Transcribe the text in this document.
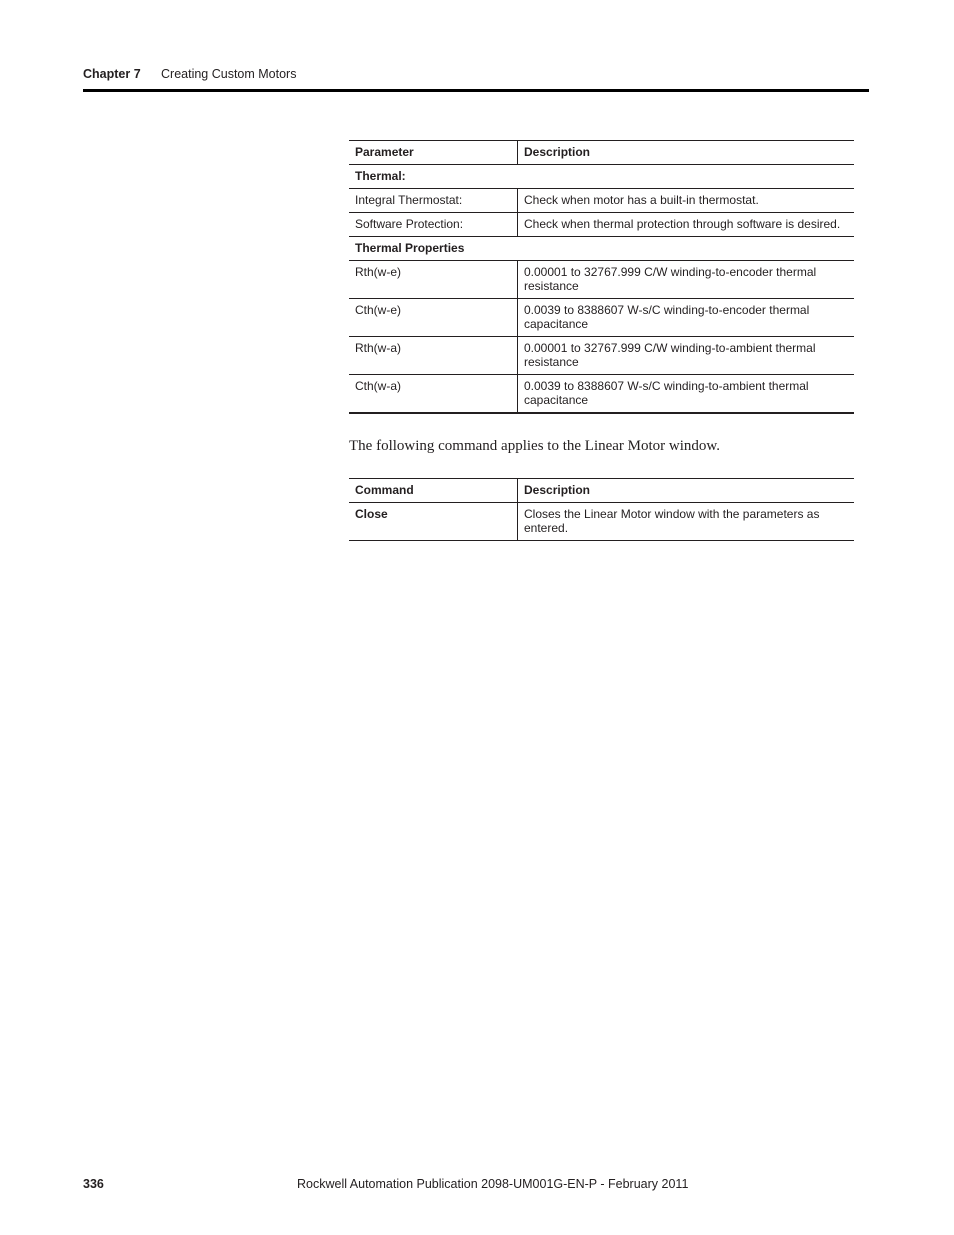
Chapter 7 Creating Custom Motors
Parameter	Description
Thermal:	
Integral Thermostat:	Check when motor has a built-in thermostat.
Software Protection:	Check when thermal protection through software is desired.
Thermal Properties	
Rth(w-e)	0.00001 to 32767.999 C/W winding-to-encoder thermal resistance
Cth(w-e)	0.0039 to 8388607 W-s/C winding-to-encoder thermal capacitance
Rth(w-a)	0.00001 to 32767.999 C/W winding-to-ambient thermal resistance
Cth(w-a)	0.0039 to 8388607 W-s/C winding-to-ambient thermal capacitance
The following command applies to the Linear Motor window.
Command	Description
Close	Closes the Linear Motor window with the parameters as entered.
336	Rockwell Automation Publication 2098-UM001G-EN-P - February 2011
